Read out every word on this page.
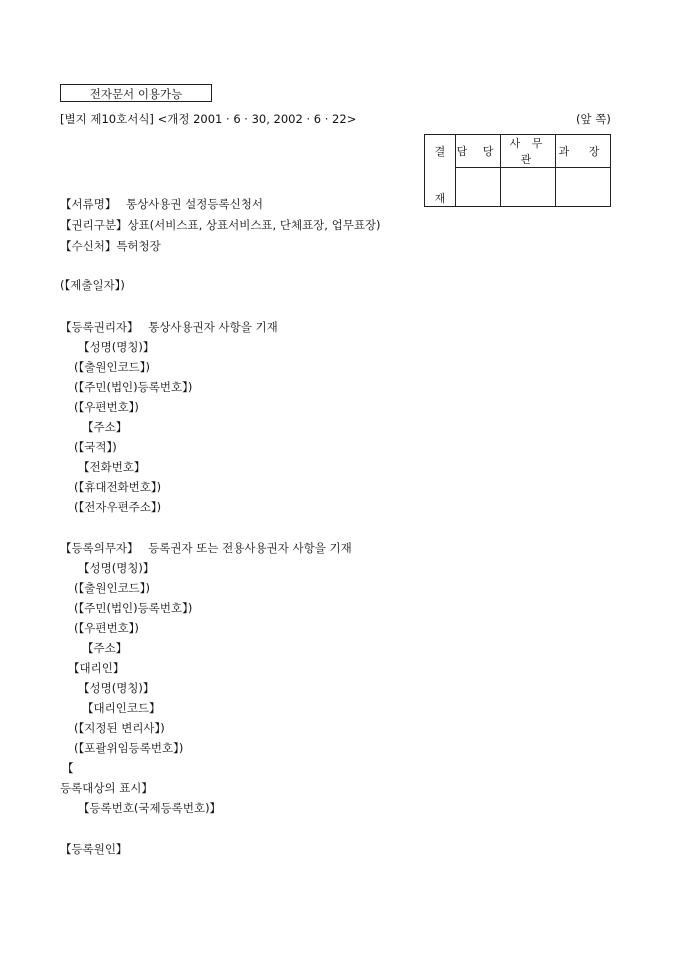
전자문서 이용가능
[별지 제10호서식] <개정 2001 · 6 · 30, 2002 · 6 · 22>	(앞 쪽)
결	담 당	사 무 관	과 장
재			
【서류명】 통상사용권 설정등록신청서
【권리구분】상표(서비스표, 상표서비스표, 단체표장, 업무표장)
【수신처】특허청장
(【제출일자】)
【등록권리자】 통상사용권자 사항을 기재
【성명(명칭)】
(【출원인코드】)
(【주민(법인)등록번호】)
(【우편번호】)
【주소】
(【국적】)
【전화번호】
(【휴대전화번호】)
(【전자우편주소】)
【등록의무자】 등록권자 또는 전용사용권자 사항을 기재
【성명(명칭)】
(【출원인코드】)
(【주민(법인)등록번호】)
(【우편번호】)
【주소】
【대리인】
【성명(명칭)】
【대리인코드】
(【지정된 변리사】)
(【포괄위임등록번호】)
【
등록대상의 표시】
【등록번호(국제등록번호)】
【등록원인】
